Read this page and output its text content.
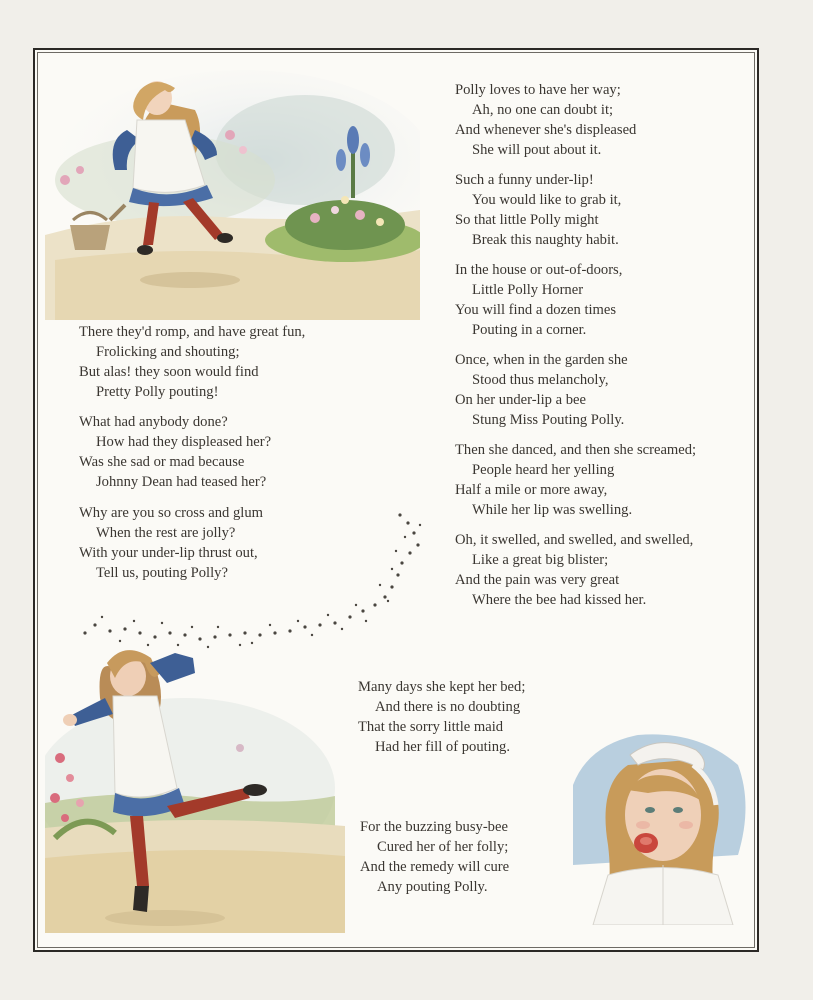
There they'd romp, and have great fun,
Frolicking and shouting;
But alas! they soon would find
Pretty Polly pouting!
What had anybody done?
How had they displeased her?
Was she sad or mad because
Johnny Dean had teased her?
Why are you so cross and glum
When the rest are jolly?
With your under-lip thrust out,
Tell us, pouting Polly?
Polly loves to have her way;
Ah, no one can doubt it;
And whenever she's displeased
She will pout about it.
Such a funny under-lip!
You would like to grab it,
So that little Polly might
Break this naughty habit.
In the house or out-of-doors,
Little Polly Horner
You will find a dozen times
Pouting in a corner.
Once, when in the garden she
Stood thus melancholy,
On her under-lip a bee
Stung Miss Pouting Polly.
Then she danced, and then she screamed;
People heard her yelling
Half a mile or more away,
While her lip was swelling.
Oh, it swelled, and swelled, and swelled,
Like a great big blister;
And the pain was very great
Where the bee had kissed her.
Many days she kept her bed;
And there is no doubting
That the sorry little maid
Had her fill of pouting.
For the buzzing busy-bee
Cured her of her folly;
And the remedy will cure
Any pouting Polly.
